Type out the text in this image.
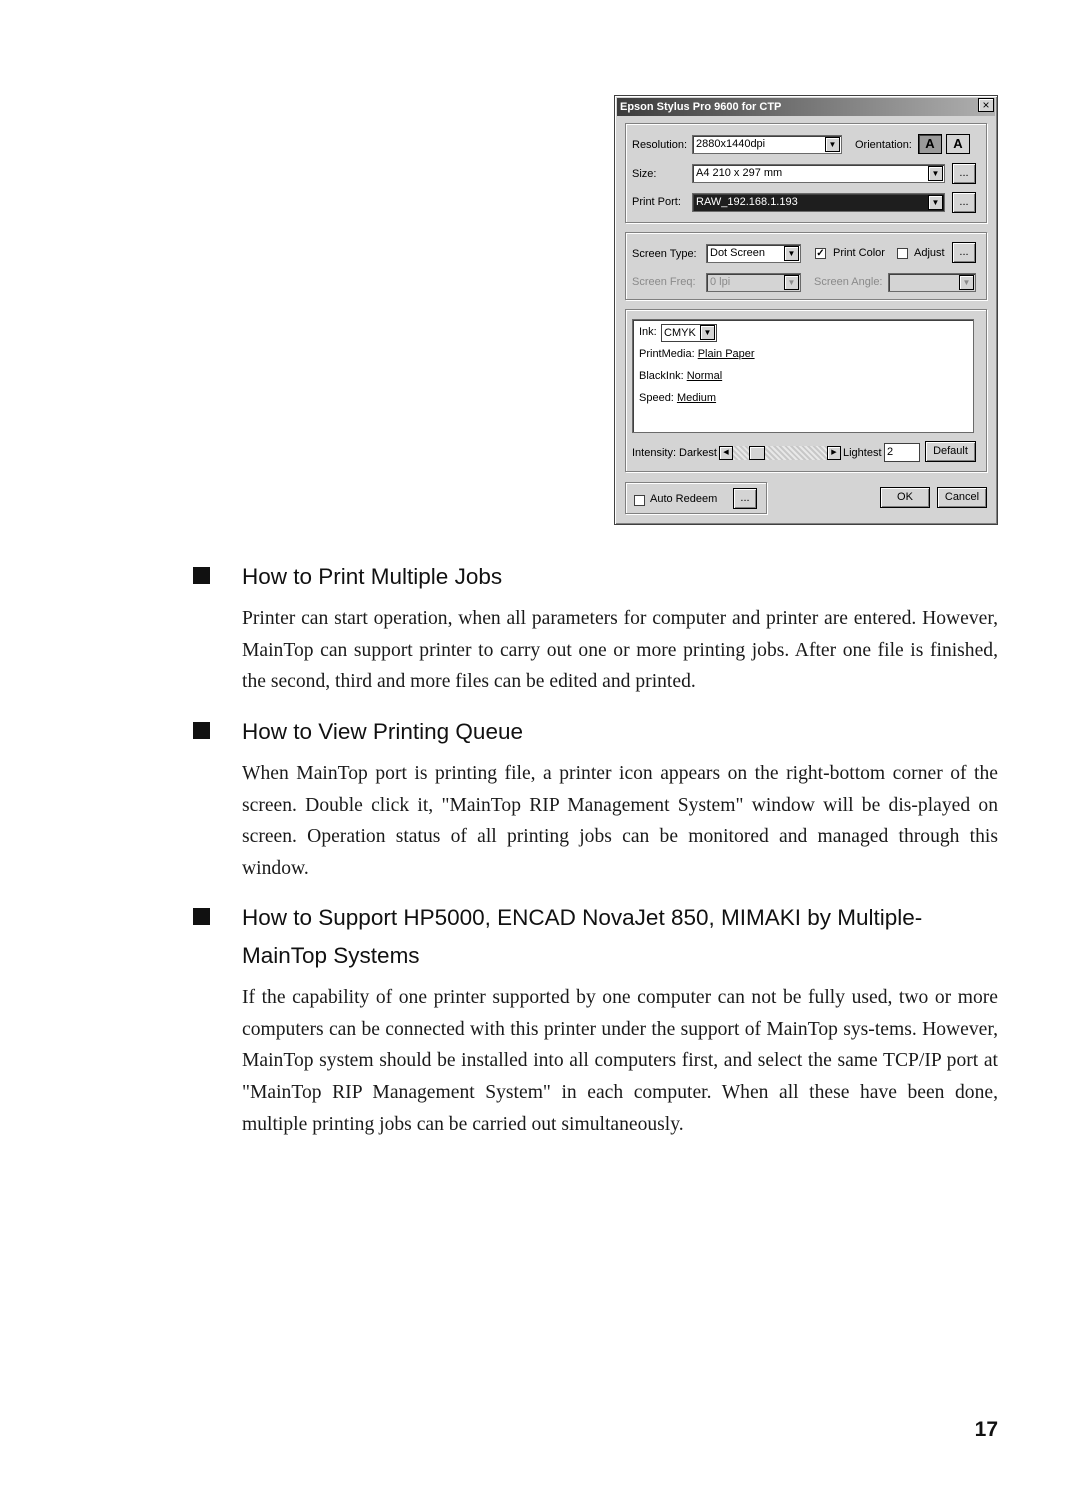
Epson Stylus Pro 9600 for CTP	×
Resolution: 2880x1440dpi	▼	Orientation:	A	A
Size:	A4 210 x 297 mm	▼	...
Print Port:	RAW_192.168.1.193	▼	...
Screen Type:	Dot Screen	▼	✓ Print Color	Adjust	...
Screen Freq:	0 lpi	▼	Screen Angle:	▼
Ink: CMYK ▼
PrintMedia: Plain Paper
BlackInk: Normal
Speed: Medium
Intensity: Darkest ◀	▶ Lightest 2	Default
Auto Redeem	...	OK	Cancel
How to Print Multiple Jobs

Printer can start operation, when all parameters for computer and printer are entered. However, MainTop can support printer to carry out one or more printing jobs. After one file is finished, the second, third and more files can be edited and printed.

How to View Printing Queue

When MainTop port is printing file, a printer icon appears on the right-bottom corner of the screen. Double click it, "MainTop RIP Management System" window will be dis-played on screen. Operation status of all printing jobs can be monitored and managed through this window.

How to Support HP5000, ENCAD NovaJet 850, MIMAKI by Multiple-MainTop Systems

If the capability of one printer supported by one computer can not be fully used, two or more computers can be connected with this printer under the support of MainTop sys-tems. However, MainTop system should be installed into all computers first, and select the same TCP/IP port at "MainTop RIP Management System" in each computer. When all these have been done, multiple printing jobs can be carried out simultaneously.

17
